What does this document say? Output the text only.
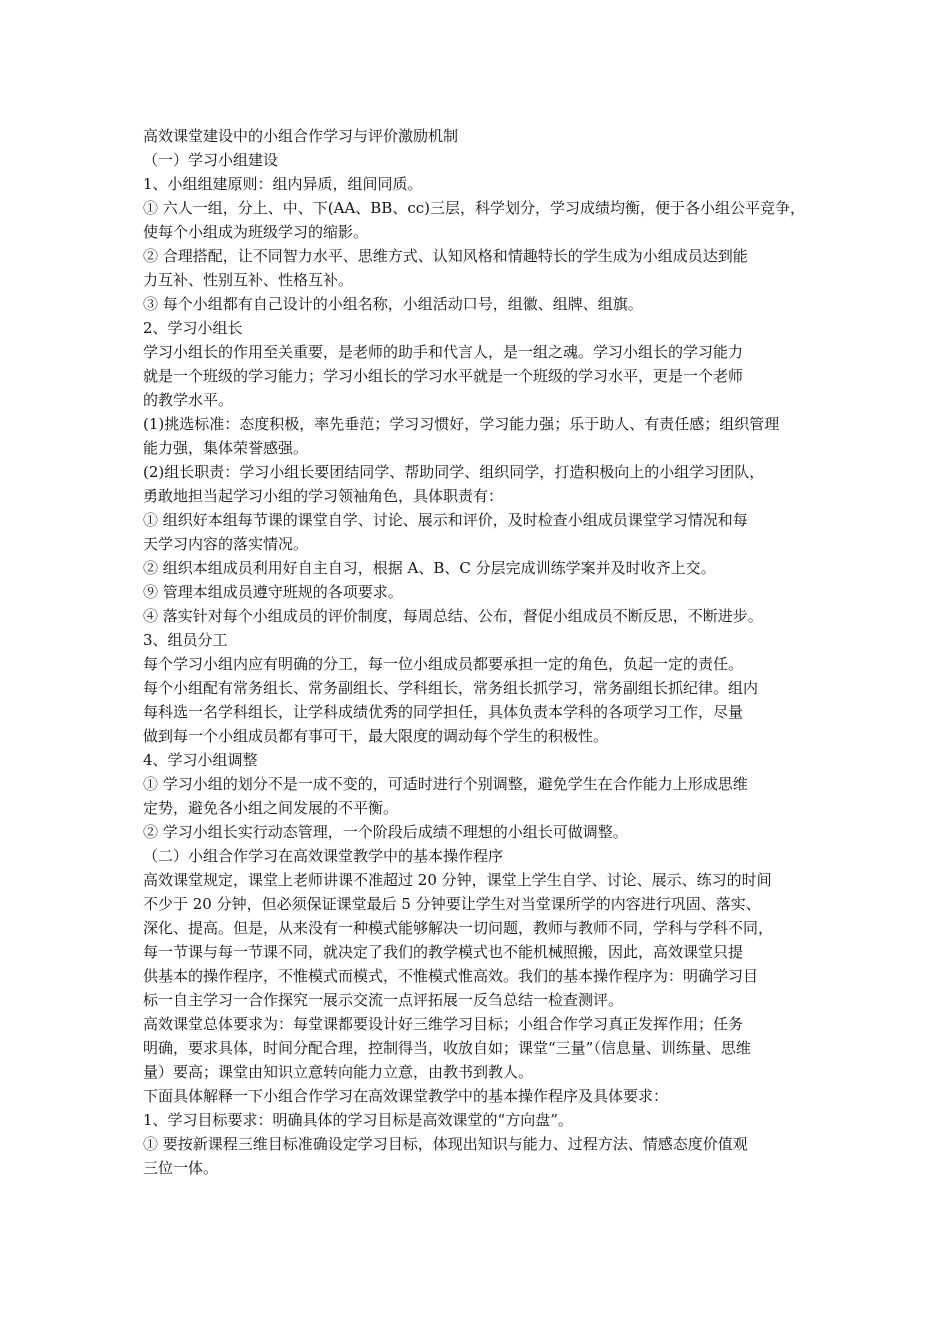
高效课堂建设中的小组合作学习与评价激励机制
（一）学习小组建设
1、小组组建原则：组内异质，组间同质。
① 六人一组，分上、中、下(AA、BB、cc)三层，科学划分，学习成绩均衡，便于各小组公平竞争，
使每个小组成为班级学习的缩影。
② 合理搭配，让不同智力水平、思维方式、认知风格和情趣特长的学生成为小组成员达到能
力互补、性别互补、性格互补。
③ 每个小组都有自己设计的小组名称，小组活动口号，组徽、组牌、组旗。
2、学习小组长
学习小组长的作用至关重要，是老师的助手和代言人，是一组之魂。学习小组长的学习能力
就是一个班级的学习能力；学习小组长的学习水平就是一个班级的学习水平，更是一个老师
的教学水平。
(1)挑选标准：态度积极，率先垂范；学习习惯好，学习能力强；乐于助人、有责任感；组织管理
能力强，集体荣誉感强。
(2)组长职责：学习小组长要团结同学、帮助同学、组织同学，打造积极向上的小组学习团队，
勇敢地担当起学习小组的学习领袖角色，具体职责有：
① 组织好本组每节课的课堂自学、讨论、展示和评价，及时检查小组成员课堂学习情况和每
天学习内容的落实情况。
② 组织本组成员利用好自主自习，根据 A、B、C 分层完成训练学案并及时收齐上交。
⑨ 管理本组成员遵守班规的各项要求。
④ 落实针对每个小组成员的评价制度，每周总结、公布，督促小组成员不断反思，不断进步。
3、组员分工
每个学习小组内应有明确的分工，每一位小组成员都要承担一定的角色，负起一定的责任。
每个小组配有常务组长、常务副组长、学科组长，常务组长抓学习，常务副组长抓纪律。组内
每科选一名学科组长，让学科成绩优秀的同学担任，具体负责本学科的各项学习工作，尽量
做到每一个小组成员都有事可干，最大限度的调动每个学生的积极性。
4、学习小组调整
① 学习小组的划分不是一成不变的，可适时进行个别调整，避免学生在合作能力上形成思维
定势，避免各小组之间发展的不平衡。
② 学习小组长实行动态管理，一个阶段后成绩不理想的小组长可做调整。
（二）小组合作学习在高效课堂教学中的基本操作程序
高效课堂规定，课堂上老师讲课不准超过 20 分钟，课堂上学生自学、讨论、展示、练习的时间
不少于 20 分钟，但必须保证课堂最后 5 分钟要让学生对当堂课所学的内容进行巩固、落实、
深化、提高。但是，从来没有一种模式能够解决一切问题，教师与教师不同，学科与学科不同，
每一节课与每一节课不同，就决定了我们的教学模式也不能机械照搬，因此，高效课堂只提
供基本的操作程序，不惟模式而模式，不惟模式惟高效。我们的基本操作程序为：明确学习目
标一自主学习一合作探究一展示交流一点评拓展一反刍总结一检查测评。
高效课堂总体要求为：每堂课都要设计好三维学习目标；小组合作学习真正发挥作用；任务
明确，要求具体，时间分配合理，控制得当，收放自如；课堂“三量”（信息量、训练量、思维
量）要高；课堂由知识立意转向能力立意，由教书到教人。
下面具体解释一下小组合作学习在高效课堂教学中的基本操作程序及具体要求：
1、学习目标要求：明确具体的学习目标是高效课堂的“方向盘”。
① 要按新课程三维目标准确设定学习目标，体现出知识与能力、过程方法、情感态度价值观
三位一体。
